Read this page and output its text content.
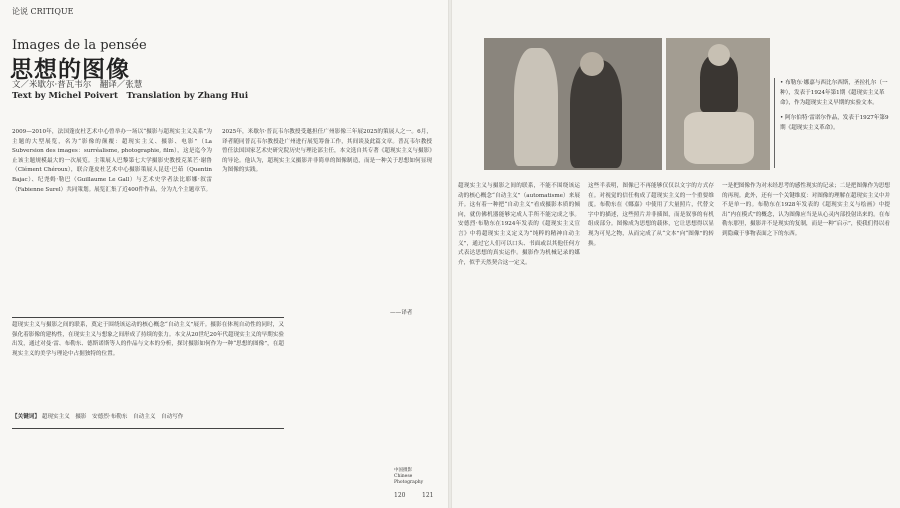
论说 CRITIQUE
Images de la pensée
思想的图像
文／米歇尔·普瓦韦尔　翻译／张慧
Text by Michel Poivert　Translation by Zhang Hui
2009—2010年，法国蓬皮杜艺术中心曾举办一场以“摄影与超现实主义关系”为主题的大型展览，名为“影像的颠覆：超现实主义、摄影、电影”（La Subversion des images：surréalisme, photographie, film），这是迄今为止该主题规模最大的一次展览。主策展人巴黎第七大学摄影史教授克莱芒·谢鲁（Clément Chéroux），联合蓬皮杜艺术中心摄影策展人昆廷·巴茹（Quentin Bajac）、纪尧姆·勒巴（Guillaume Le Gall）与艺术史学者法比耶娜·叙雷（Fabienne Surel）共同策划。展览汇集了近400件作品，分为九个主题章节。
2025年，米歇尔·普瓦韦尔教授受邀担任广州影像三年展2025的策展人之一。6月，译者随同普瓦韦尔教授赴广州进行展览筹备工作，其间谈及此篇文章。普瓦韦尔教授曾任法国国家艺术史研究院历史与理论部主任，本文选自其专著《超现实主义与摄影》的导论。他认为，超现实主义摄影并非简单的图像制造，而是一种关于思想如何显现为图像的实践。
——译者
超现实主义与摄影之间的联系，奠定于围绕该运动的核心概念“自动主义”展开。摄影在体现自动性的同时，又强化着影像的建构性，在现实主义与想象之间形成了持续的张力。本文从20世纪20年代超现实主义的早期实验出发，通过对曼·雷、布勒东、德斯诺斯等人的作品与文本的分析，探讨摄影如何作为一种“思想的图像”，在超现实主义的美学与理论中占据独特的位置。
【关键词】 超现实主义　摄影　安德烈·布勒东　自动主义　自动写作
中国摄影
Chinese
Photography
120	121
• 布勒东·娜嘉与西比尔西斯，圣拉扎尔（一种），发表于1924年第1期《超现实主义革命》，作为超现实主义早期的实验文本。
• 阿尔伯特·雷诺尔作品，发表于1927年第9期《超现实主义革命》。
超现实主义与摄影之间的联系，不能不围绕该运动的核心概念“自动主义”（automatisme）来展开。这有着一种把“自动主义”看成摄影本质的倾向，就仿佛机器能够完成人手所不能完成之事。安德烈·布勒东在1924年发表的《超现实主义宣言》中将超现实主义定义为“纯粹的精神自动主义”，通过它人们可以口头、书面或以其他任何方式表达思想的真实运作。摄影作为机械记录的媒介，似乎天然契合这一定义。
这些半表明，图像已不再能够仅仅以文字的方式存在。对视觉的信任构成了超现实主义的一个重要维度。布勒东在《娜嘉》中使用了大量照片，代替文字中的描述，这些照片并非插图，而是叙事的有机组成部分。图像成为思想的载体，它让思想得以显现为可见之物，从而完成了从“文本”向“图像”的转换。
一是把图像作为对未经思考的感性现实的记录；二是把图像作为思想的再现。此外，还有一个关键维度：对图像的理解在超现实主义中并不是单一的。布勒东在1928年发表的《超现实主义与绘画》中提出“内在模式”的概念，认为图像应当是从心灵内部投射出来的。在布勒东那里，摄影并不是现实的复制，而是一种“启示”，使我们得以看到隐藏于事物表面之下的东西。
